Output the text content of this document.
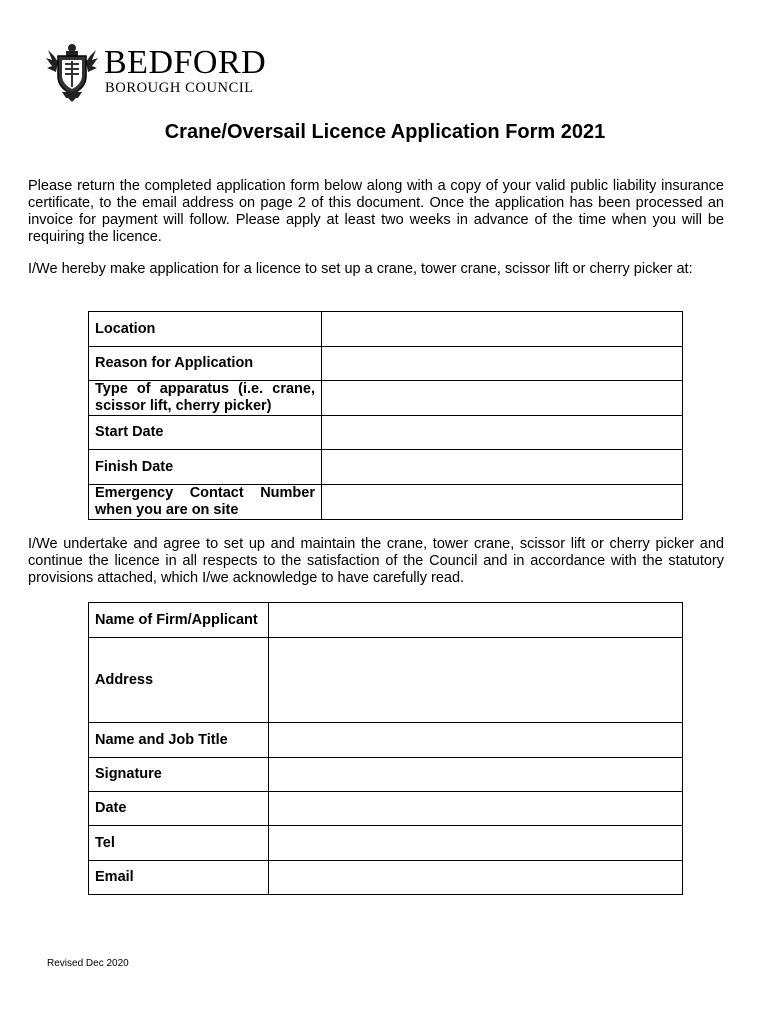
BEDFORD
BOROUGH COUNCIL
Crane/Oversail Licence Application Form 2021

Please return the completed application form below along with a copy of your valid public liability insurance certificate, to the email address on page 2 of this document. Once the application has been processed an invoice for payment will follow. Please apply at least two weeks in advance of the time when you will be requiring the licence.

I/We hereby make application for a licence to set up a crane, tower crane, scissor lift or cherry picker at:

Location	
Reason for Application	

Type of apparatus (i.e. crane, scissor lift, cherry picker)	

Start Date	
Finish Date	

Emergency Contact Number when you are on site	

I/We undertake and agree to set up and maintain the crane, tower crane, scissor lift or cherry picker and continue the licence in all respects to the satisfaction of the Council and in accordance with the statutory provisions attached, which I/we acknowledge to have carefully read.

Name of Firm/Applicant	
Address	
Name and Job Title	
Signature	
Date	
Tel	
Email	
Revised Dec 2020
